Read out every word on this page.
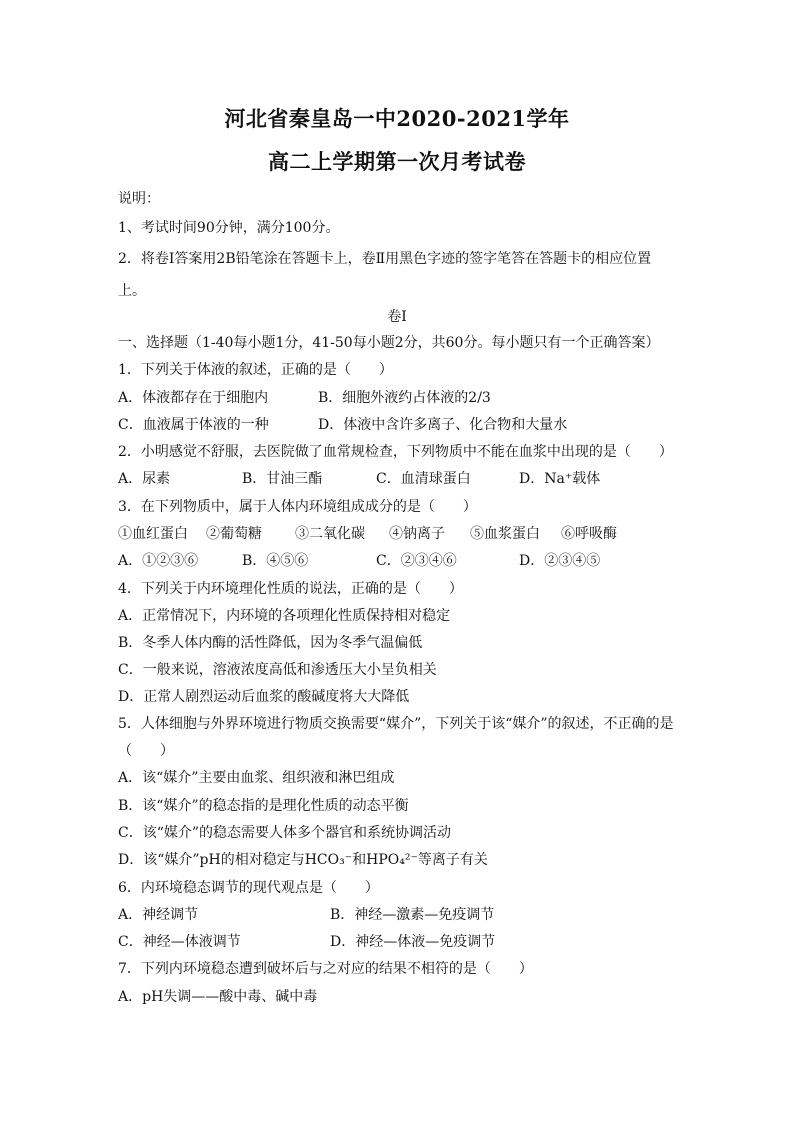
河北省秦皇岛一中2020-2021学年
高二上学期第一次月考试卷
说明：
1、考试时间90分钟，满分100分。
2．将卷Ⅰ答案用2B铅笔涂在答题卡上，卷Ⅱ用黑色字迹的签字笔答在答题卡的相应位置
上。
卷Ⅰ
一、选择题（1-40每小题1分，41-50每小题2分，共60分。每小题只有一个正确答案）
1．下列关于体液的叙述，正确的是（　　）
A．体液都存在于细胞内	B．细胞外液约占体液的2/3
C．血液属于体液的一种	D．体液中含许多离子、化合物和大量水
2．小明感觉不舒服，去医院做了血常规检查，下列物质中不能在血浆中出现的是（　　）
A．尿素	B．甘油三酯	C．血清球蛋白	D．Na⁺载体
3．在下列物质中，属于人体内环境组成成分的是（　　）
①血红蛋白 ②葡萄糖 ③二氧化碳 ④钠离子 ⑤血浆蛋白 ⑥呼吸酶
A．①②③⑥	B．④⑤⑥	C．②③④⑥	D．②③④⑤
4．下列关于内环境理化性质的说法，正确的是（　　）
A．正常情况下，内环境的各项理化性质保持相对稳定
B．冬季人体内酶的活性降低，因为冬季气温偏低
C．一般来说，溶液浓度高低和渗透压大小呈负相关
D．正常人剧烈运动后血浆的酸碱度将大大降低
5．人体细胞与外界环境进行物质交换需要“媒介”，下列关于该“媒介”的叙述，不正确的是
（　　）
A．该“媒介”主要由血浆、组织液和淋巴组成
B．该“媒介”的稳态指的是理化性质的动态平衡
C．该“媒介”的稳态需要人体多个器官和系统协调活动
D．该“媒介”pH的相对稳定与HCO₃⁻和HPO₄²⁻等离子有关
6．内环境稳态调节的现代观点是（　　）
A．神经调节	B．神经—激素—免疫调节
C．神经—体液调节	D．神经—体液—免疫调节
7．下列内环境稳态遭到破坏后与之对应的结果不相符的是（　　）
A．pH失调——酸中毒、碱中毒
